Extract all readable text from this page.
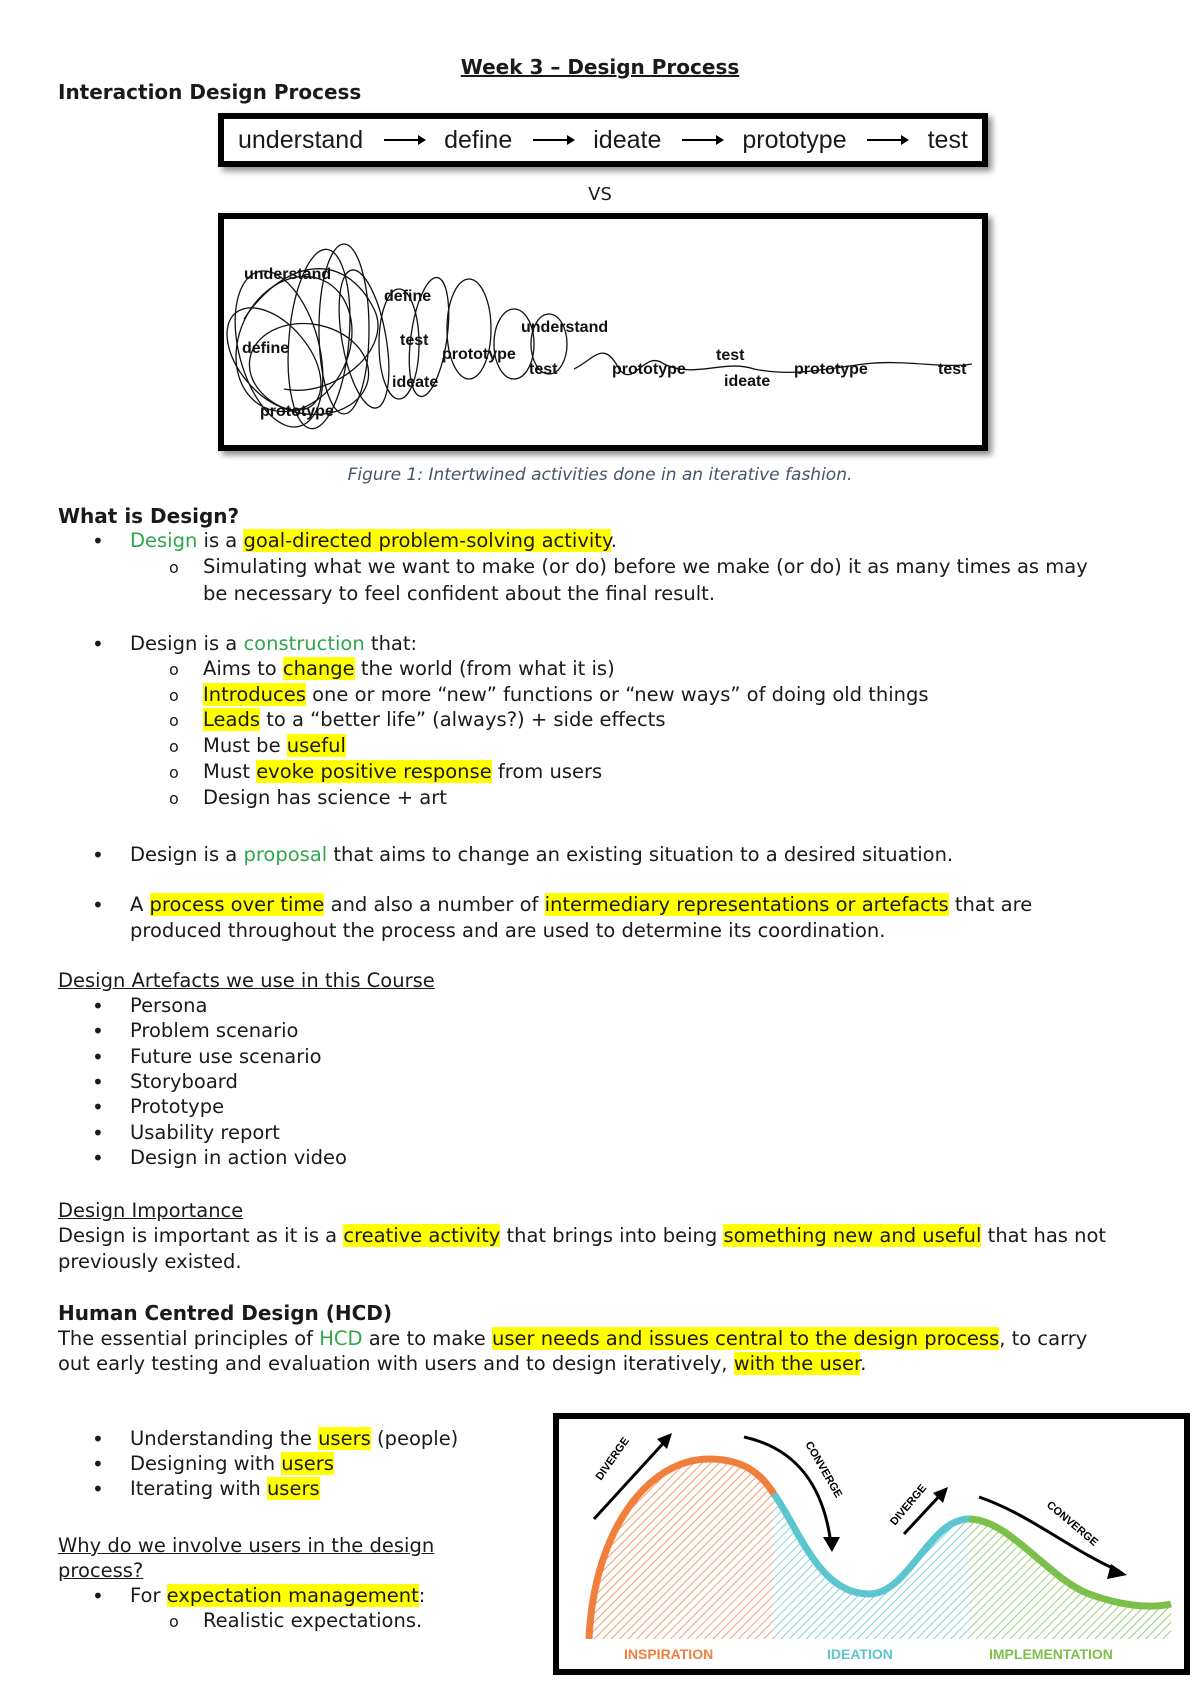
Week 3 – Design Process
Interaction Design Process
understand	define	ideate	prototype	test
VS
understand
define
define	test
ideate
prototype
prototype
understand
test	prototype
test
ideate
prototype	test
Figure 1: Intertwined activities done in an iterative fashion.
What is Design?
• Design is a goal-directed problem-solving activity.
o Simulating what we want to make (or do) before we make (or do) it as many times as may
be necessary to feel confident about the final result.
• Design is a construction that:
o Aims to change the world (from what it is)
o Introduces one or more “new” functions or “new ways” of doing old things
o Leads to a “better life” (always?) + side effects
o Must be useful
o Must evoke positive response from users
o Design has science + art
• Design is a proposal that aims to change an existing situation to a desired situation.
• A process over time and also a number of intermediary representations or artefacts that are
produced throughout the process and are used to determine its coordination.
Design Artefacts we use in this Course
• Persona
• Problem scenario
• Future use scenario
• Storyboard
• Prototype
• Usability report
• Design in action video
Design Importance
Design is important as it is a creative activity that brings into being something new and useful that has not
previously existed.
Human Centred Design (HCD)
The essential principles of HCD are to make user needs and issues central to the design process, to carry
out early testing and evaluation with users and to design iteratively, with the user.
• Understanding the users (people)
• Designing with users
• Iterating with users
Why do we involve users in the design
process?
• For expectation management:
o Realistic expectations.
DIVERGE	CONVERGE
DIVERGE	CONVERGE
INSPIRATION	IDEATION	IMPLEMENTATION
